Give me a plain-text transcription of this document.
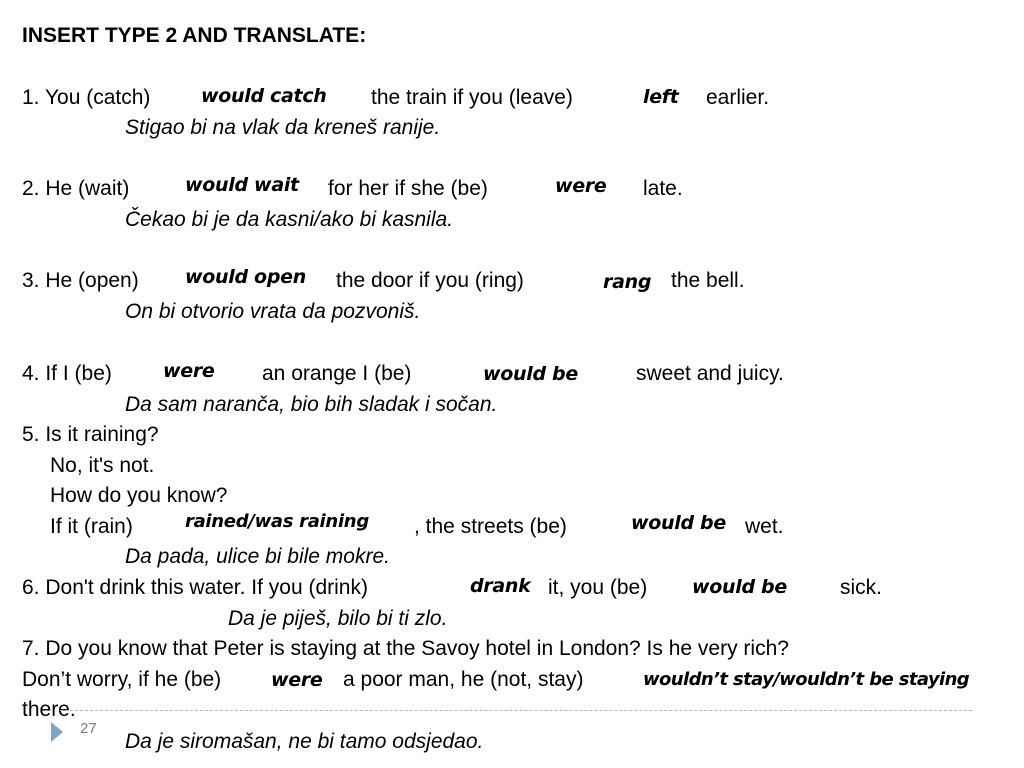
INSERT TYPE 2 AND TRANSLATE:
1. You (catch)	would catch the train if you (leave)	left earlier.
Stigao bi na vlak da kreneš ranije.
2. He (wait)	would wait for her if she (be)	were late.
Čekao bi je da kasni/ako bi kasnila.
3. He (open) would open the door if you (ring)	rang the bell.
On bi otvorio vrata da pozvoniš.
4. If I (be)	were an orange I (be)	would be	sweet and juicy.
Da sam naranča, bio bih sladak i sočan.
5. Is it raining?
No, it's not.
How do you know?
If it (rain)	rained/was raining , the streets (be)	would be wet.
Da pada, ulice bi bile mokre.
6. Don't drink this water. If you (drink)	drank it, you (be) would be	sick.
Da je piješ, bilo bi ti zlo.
7. Do you know that Peter is staying at the Savoy hotel in London? Is he very rich?
Don’t worry, if he (be)	were a poor man, he (not, stay)	wouldn’t stay/wouldn’t be staying
there.
27
Da je siromašan, ne bi tamo odsjedao.
